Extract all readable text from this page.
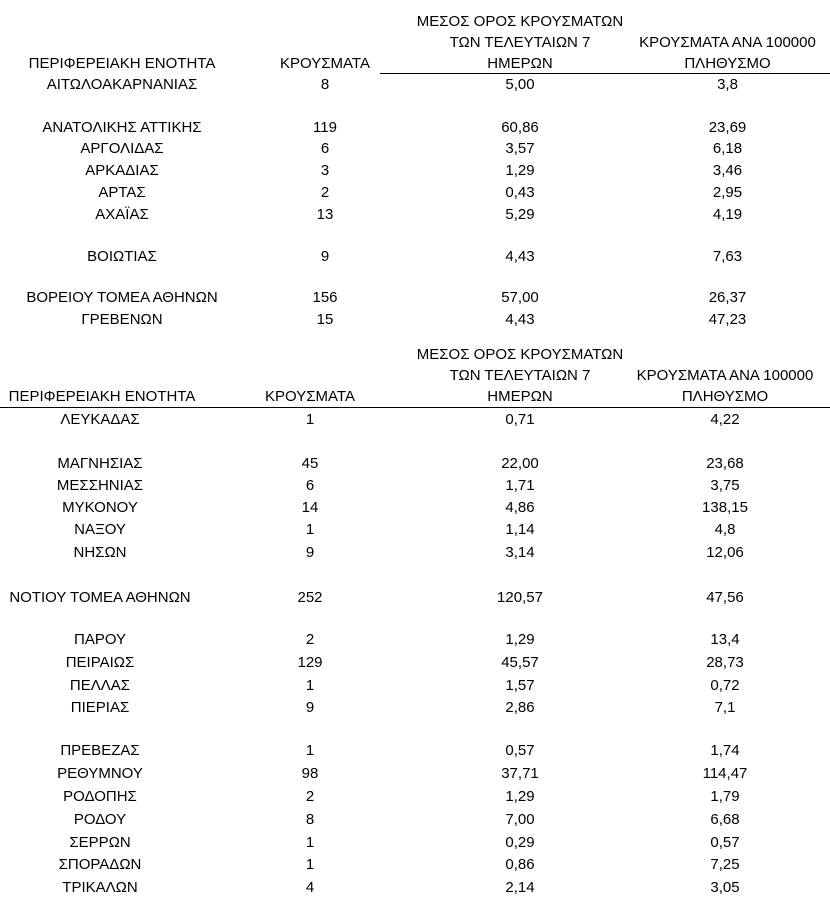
ΠΕΡΙΦΕΡΕΙΑΚΗ ΕΝΟΤΗΤΑ	ΚΡΟΥΣΜΑΤΑ
ΜΕΣΟΣ ΟΡΟΣ ΚΡΟΥΣΜΑΤΩΝ
ΤΩΝ ΤΕΛΕΥΤΑΙΩΝ 7
ΗΜΕΡΩΝ
ΚΡΟΥΣΜΑΤΑ ΑΝΑ 100000
ΠΛΗΘΥΣΜΟ
ΑΙΤΩΛΟΑΚΑΡΝΑΝΙΑΣ	8	5,00	3,8
ΑΝΑΤΟΛΙΚΗΣ ΑΤΤΙΚΗΣ	119	60,86	23,69
ΑΡΓΟΛΙΔΑΣ	6	3,57	6,18
ΑΡΚΑΔΙΑΣ	3	1,29	3,46
ΑΡΤΑΣ	2	0,43	2,95
ΑΧΑΪΑΣ	13	5,29	4,19
ΒΟΙΩΤΙΑΣ	9	4,43	7,63
ΒΟΡΕΙΟΥ ΤΟΜΕΑ ΑΘΗΝΩΝ	156	57,00	26,37
ΓΡΕΒΕΝΩΝ	15	4,43	47,23
ΠΕΡΙΦΕΡΕΙΑΚΗ ΕΝΟΤΗΤΑ	ΚΡΟΥΣΜΑΤΑ
ΜΕΣΟΣ ΟΡΟΣ ΚΡΟΥΣΜΑΤΩΝ
ΤΩΝ ΤΕΛΕΥΤΑΙΩΝ 7
ΗΜΕΡΩΝ
ΚΡΟΥΣΜΑΤΑ ΑΝΑ 100000
ΠΛΗΘΥΣΜΟ
ΛΕΥΚΑΔΑΣ	1	0,71	4,22
ΜΑΓΝΗΣΙΑΣ	45	22,00	23,68
ΜΕΣΣΗΝΙΑΣ	6	1,71	3,75
ΜΥΚΟΝΟΥ	14	4,86	138,15
ΝΑΞΟΥ	1	1,14	4,8
ΝΗΣΩΝ	9	3,14	12,06
ΝΟΤΙΟΥ ΤΟΜΕΑ ΑΘΗΝΩΝ	252	120,57	47,56
ΠΑΡΟΥ	2	1,29	13,4
ΠΕΙΡΑΙΩΣ	129	45,57	28,73
ΠΕΛΛΑΣ	1	1,57	0,72
ΠΙΕΡΙΑΣ	9	2,86	7,1
ΠΡΕΒΕΖΑΣ	1	0,57	1,74
ΡΕΘΥΜΝΟΥ	98	37,71	114,47
ΡΟΔΟΠΗΣ	2	1,29	1,79
ΡΟΔΟΥ	8	7,00	6,68
ΣΕΡΡΩΝ	1	0,29	0,57
ΣΠΟΡΑΔΩΝ	1	0,86	7,25
ΤΡΙΚΑΛΩΝ	4	2,14	3,05
